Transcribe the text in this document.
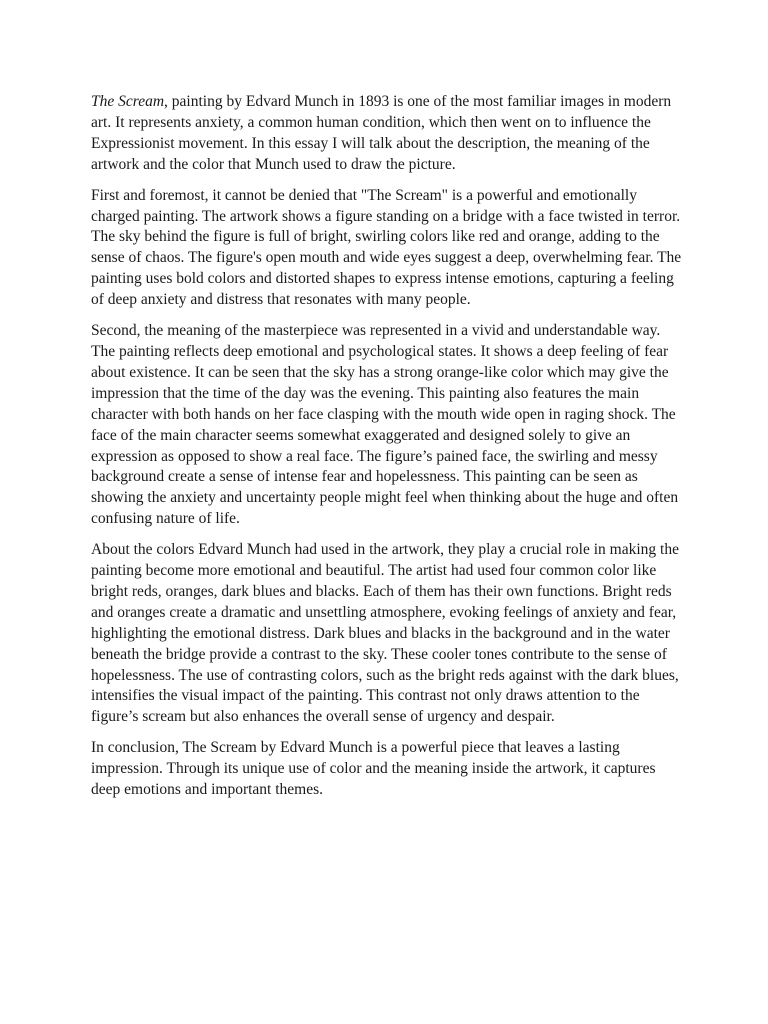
The Scream, painting by Edvard Munch in 1893 is one of the most familiar images in modern art. It represents anxiety, a common human condition, which then went on to influence the Expressionist movement. In this essay I will talk about the description, the meaning of the artwork and the color that Munch used to draw the picture.

First and foremost, it cannot be denied that "The Scream" is a powerful and emotionally charged painting. The artwork shows a figure standing on a bridge with a face twisted in terror. The sky behind the figure is full of bright, swirling colors like red and orange, adding to the sense of chaos. The figure's open mouth and wide eyes suggest a deep, overwhelming fear. The painting uses bold colors and distorted shapes to express intense emotions, capturing a feeling of deep anxiety and distress that resonates with many people.

Second, the meaning of the masterpiece was represented in a vivid and understandable way. The painting reflects deep emotional and psychological states. It shows a deep feeling of fear about existence. It can be seen that the sky has a strong orange-like color which may give the impression that the time of the day was the evening. This painting also features the main character with both hands on her face clasping with the mouth wide open in raging shock. The face of the main character seems somewhat exaggerated and designed solely to give an expression as opposed to show a real face. The figure’s pained face, the swirling and messy background create a sense of intense fear and hopelessness. This painting can be seen as showing the anxiety and uncertainty people might feel when thinking about the huge and often confusing nature of life.

About the colors Edvard Munch had used in the artwork, they play a crucial role in making the painting become more emotional and beautiful. The artist had used four common color like bright reds, oranges, dark blues and blacks. Each of them has their own functions. Bright reds and oranges create a dramatic and unsettling atmosphere, evoking feelings of anxiety and fear, highlighting the emotional distress. Dark blues and blacks in the background and in the water beneath the bridge provide a contrast to the sky. These cooler tones contribute to the sense of hopelessness. The use of contrasting colors, such as the bright reds against with the dark blues, intensifies the visual impact of the painting. This contrast not only draws attention to the figure’s scream but also enhances the overall sense of urgency and despair.

In conclusion, The Scream by Edvard Munch is a powerful piece that leaves a lasting impression. Through its unique use of color and the meaning inside the artwork, it captures deep emotions and important themes.
